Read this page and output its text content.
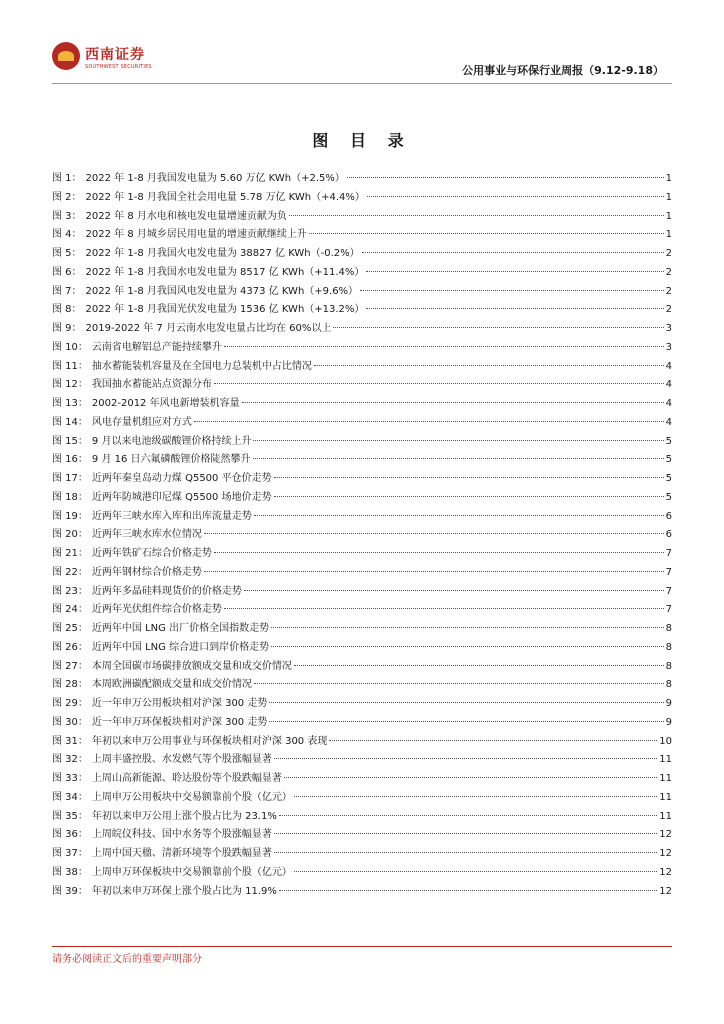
西南证券
SOUTHWEST SECURITIES	公用事业与环保行业周报（9.12-9.18）
图 目 录
图 1： 2022 年 1-8 月我国发电量为 5.60 万亿 KWh（+2.5%）	1
图 2： 2022 年 1-8 月我国全社会用电量 5.78 万亿 KWh（+4.4%）	1
图 3： 2022 年 8 月水电和核电发电量增速贡献为负	1
图 4： 2022 年 8 月城乡居民用电量的增速贡献继续上升	1
图 5： 2022 年 1-8 月我国火电发电量为 38827 亿 KWh（-0.2%）	2
图 6： 2022 年 1-8 月我国水电发电量为 8517 亿 KWh（+11.4%）	2
图 7： 2022 年 1-8 月我国风电发电量为 4373 亿 KWh（+9.6%）	2
图 8： 2022 年 1-8 月我国光伏发电量为 1536 亿 KWh（+13.2%）	2
图 9： 2019-2022 年 7 月云南水电发电量占比均在 60%以上	3
图 10： 云南省电解铝总产能持续攀升	3
图 11： 抽水蓄能装机容量及在全国电力总装机中占比情况	4
图 12： 我国抽水蓄能站点资源分布	4
图 13： 2002-2012 年风电新增装机容量	4
图 14： 风电存量机组应对方式	4
图 15： 9 月以来电池级碳酸锂价格持续上升	5
图 16： 9 月 16 日六氟磷酸锂价格陡然攀升	5
图 17： 近两年秦皇岛动力煤 Q5500 平仓价走势	5
图 18： 近两年防城港印尼煤 Q5500 场地价走势	5
图 19： 近两年三峡水库入库和出库流量走势	6
图 20： 近两年三峡水库水位情况	6
图 21： 近两年铁矿石综合价格走势	7
图 22： 近两年钢材综合价格走势	7
图 23： 近两年多晶硅料现货价的价格走势	7
图 24： 近两年光伏组件综合价格走势	7
图 25： 近两年中国 LNG 出厂价格全国指数走势	8
图 26： 近两年中国 LNG 综合进口到岸价格走势	8
图 27： 本周全国碳市场碳排放额成交量和成交价情况	8
图 28： 本周欧洲碳配额成交量和成交价情况	8
图 29： 近一年申万公用板块相对沪深 300 走势	9
图 30： 近一年申万环保板块相对沪深 300 走势	9
图 31： 年初以来申万公用事业与环保板块相对沪深 300 表现	10
图 32： 上周丰盛控股、水发燃气等个股涨幅显著	11
图 33： 上周山高新能源、聆达股份等个股跌幅显著	11
图 34： 上周申万公用板块中交易额靠前个股（亿元）	11
图 35： 年初以来申万公用上涨个股占比为 23.1%	11
图 36： 上周皖仪科技、国中水务等个股涨幅显著	12
图 37： 上周中国天楹、清新环境等个股跌幅显著	12
图 38： 上周申万环保板块中交易额靠前个股（亿元）	12
图 39： 年初以来申万环保上涨个股占比为 11.9%	12
请务必阅读正文后的重要声明部分
